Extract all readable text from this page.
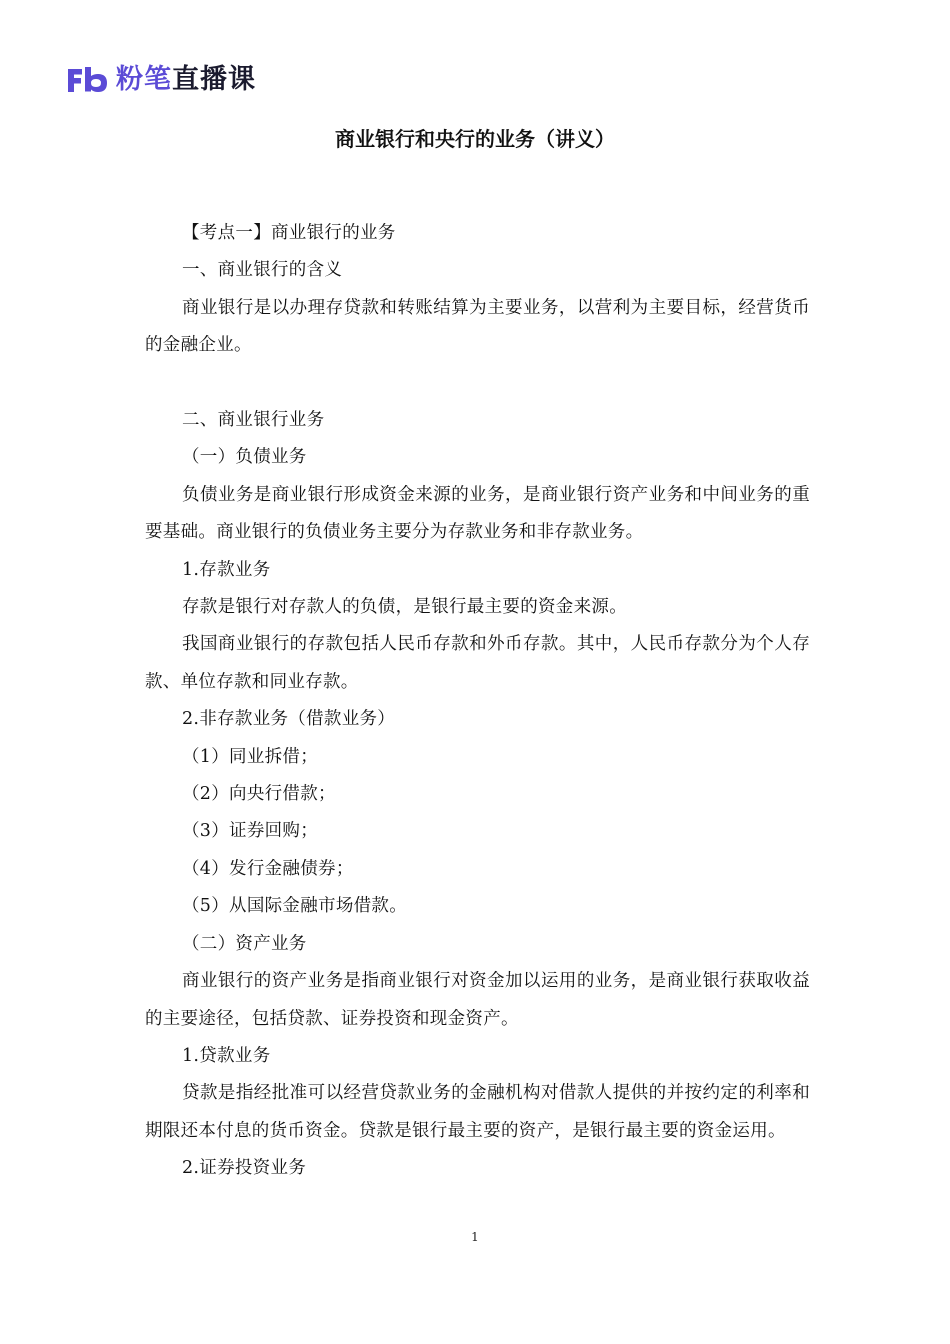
粉笔直播课
商业银行和央行的业务（讲义）

【考点一】商业银行的业务

一、商业银行的含义

商业银行是以办理存贷款和转账结算为主要业务，以营利为主要目标，经营货币的金融企业。

二、商业银行业务

（一）负债业务

负债业务是商业银行形成资金来源的业务，是商业银行资产业务和中间业务的重要基础。商业银行的负债业务主要分为存款业务和非存款业务。

1.存款业务

存款是银行对存款人的负债，是银行最主要的资金来源。

我国商业银行的存款包括人民币存款和外币存款。其中，人民币存款分为个人存款、单位存款和同业存款。

2.非存款业务（借款业务）

（1）同业拆借；

（2）向央行借款；

（3）证券回购；

（4）发行金融债券；

（5）从国际金融市场借款。

（二）资产业务

商业银行的资产业务是指商业银行对资金加以运用的业务，是商业银行获取收益的主要途径，包括贷款、证券投资和现金资产。

1.贷款业务

贷款是指经批准可以经营贷款业务的金融机构对借款人提供的并按约定的利率和期限还本付息的货币资金。贷款是银行最主要的资产，是银行最主要的资金运用。

2.证券投资业务

1
